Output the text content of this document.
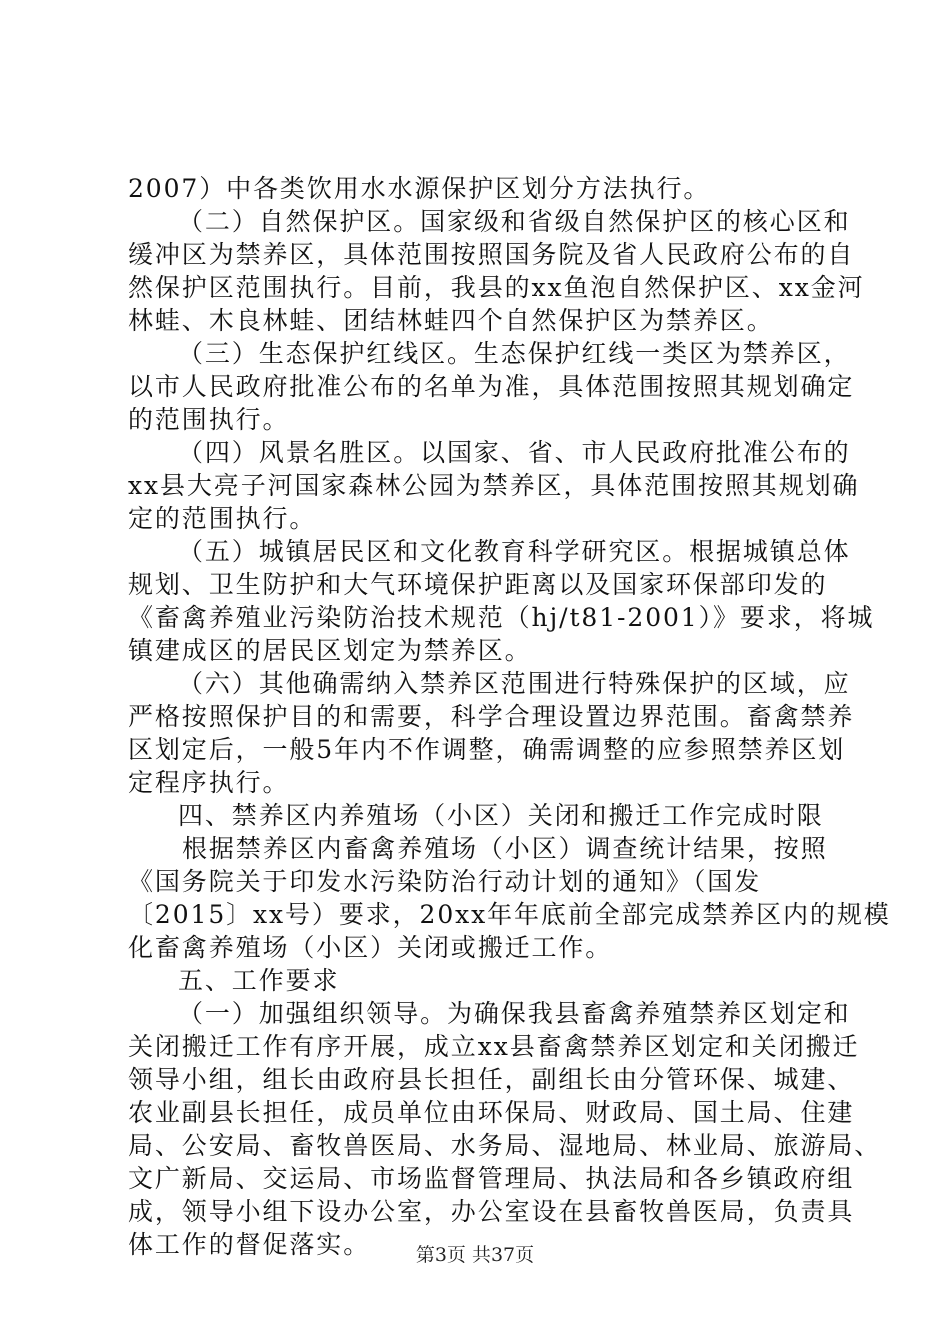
2007）中各类饮用水水源保护区划分方法执行。
（二）自然保护区。国家级和省级自然保护区的核心区和
缓冲区为禁养区，具体范围按照国务院及省人民政府公布的自
然保护区范围执行。目前，我县的xx鱼泡自然保护区、xx金河
林蛙、木良林蛙、团结林蛙四个自然保护区为禁养区。
（三）生态保护红线区。生态保护红线一类区为禁养区，
以市人民政府批准公布的名单为准，具体范围按照其规划确定
的范围执行。
（四）风景名胜区。以国家、省、市人民政府批准公布的
xx县大亮子河国家森林公园为禁养区，具体范围按照其规划确
定的范围执行。
（五）城镇居民区和文化教育科学研究区。根据城镇总体
规划、卫生防护和大气环境保护距离以及国家环保部印发的
《畜禽养殖业污染防治技术规范（hj/t81-2001）》要求，将城
镇建成区的居民区划定为禁养区。
（六）其他确需纳入禁养区范围进行特殊保护的区域，应
严格按照保护目的和需要，科学合理设置边界范围。畜禽禁养
区划定后，一般5年内不作调整，确需调整的应参照禁养区划
定程序执行。
四、禁养区内养殖场（小区）关闭和搬迁工作完成时限
根据禁养区内畜禽养殖场（小区）调查统计结果，按照
《国务院关于印发水污染防治行动计划的通知》（国发
〔2015〕xx号）要求，20xx年年底前全部完成禁养区内的规模
化畜禽养殖场（小区）关闭或搬迁工作。
五、工作要求
（一）加强组织领导。为确保我县畜禽养殖禁养区划定和
关闭搬迁工作有序开展，成立xx县畜禽禁养区划定和关闭搬迁
领导小组，组长由政府县长担任，副组长由分管环保、城建、
农业副县长担任，成员单位由环保局、财政局、国土局、住建
局、公安局、畜牧兽医局、水务局、湿地局、林业局、旅游局、
文广新局、交运局、市场监督管理局、执法局和各乡镇政府组
成，领导小组下设办公室，办公室设在县畜牧兽医局，负责具
体工作的督促落实。	第3页 共37页
